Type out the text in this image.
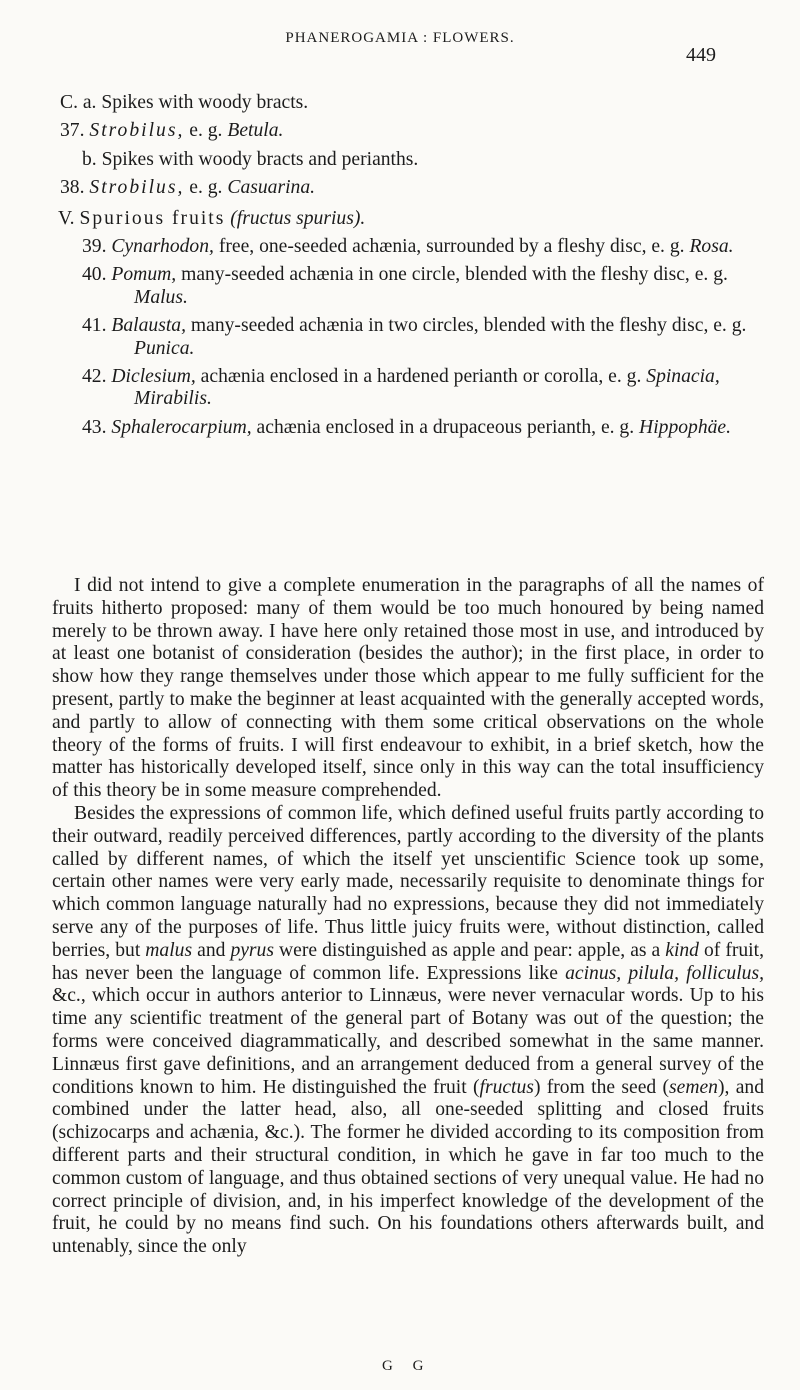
PHANEROGAMIA : FLOWERS.
449
C. a. Spikes with woody bracts.
37. Strobilus, e. g. Betula.
b. Spikes with woody bracts and perianths.
38. Strobilus, e. g. Casuarina.
V. Spurious fruits (fructus spurius).
39. Cynarhodon, free, one-seeded achænia, surrounded by a fleshy disc, e. g. Rosa.
40. Pomum, many-seeded achænia in one circle, blended with the fleshy disc, e. g. Malus.
41. Balausta, many-seeded achænia in two circles, blended with the fleshy disc, e. g. Punica.
42. Diclesium, achænia enclosed in a hardened perianth or corolla, e. g. Spinacia, Mirabilis.
43. Sphalerocarpium, achænia enclosed in a drupaceous perianth, e. g. Hippophäe.

I did not intend to give a complete enumeration in the paragraphs of all the names of fruits hitherto proposed: many of them would be too much honoured by being named merely to be thrown away. I have here only retained those most in use, and introduced by at least one botanist of consideration (besides the author); in the first place, in order to show how they range themselves under those which appear to me fully sufficient for the present, partly to make the beginner at least acquainted with the generally accepted words, and partly to allow of connecting with them some critical observations on the whole theory of the forms of fruits. I will first endeavour to exhibit, in a brief sketch, how the matter has historically developed itself, since only in this way can the total insufficiency of this theory be in some measure comprehended.

Besides the expressions of common life, which defined useful fruits partly according to their outward, readily perceived differences, partly according to the diversity of the plants called by different names, of which the itself yet unscientific Science took up some, certain other names were very early made, necessarily requisite to denominate things for which common language naturally had no expressions, because they did not immediately serve any of the purposes of life. Thus little juicy fruits were, without distinction, called berries, but malus and pyrus were distinguished as apple and pear: apple, as a kind of fruit, has never been the language of common life. Expressions like acinus, pilula, folliculus, &c., which occur in authors anterior to Linnæus, were never vernacular words. Up to his time any scientific treatment of the general part of Botany was out of the question; the forms were conceived diagrammatically, and described somewhat in the same manner. Linnæus first gave definitions, and an arrangement deduced from a general survey of the conditions known to him. He distinguished the fruit (fructus) from the seed (semen), and combined under the latter head, also, all one-seeded splitting and closed fruits (schizocarps and achænia, &c.). The former he divided according to its composition from different parts and their structural condition, in which he gave in far too much to the common custom of language, and thus obtained sections of very unequal value. He had no correct principle of division, and, in his imperfect knowledge of the development of the fruit, he could by no means find such. On his foundations others afterwards built, and untenably, since the only

G G
